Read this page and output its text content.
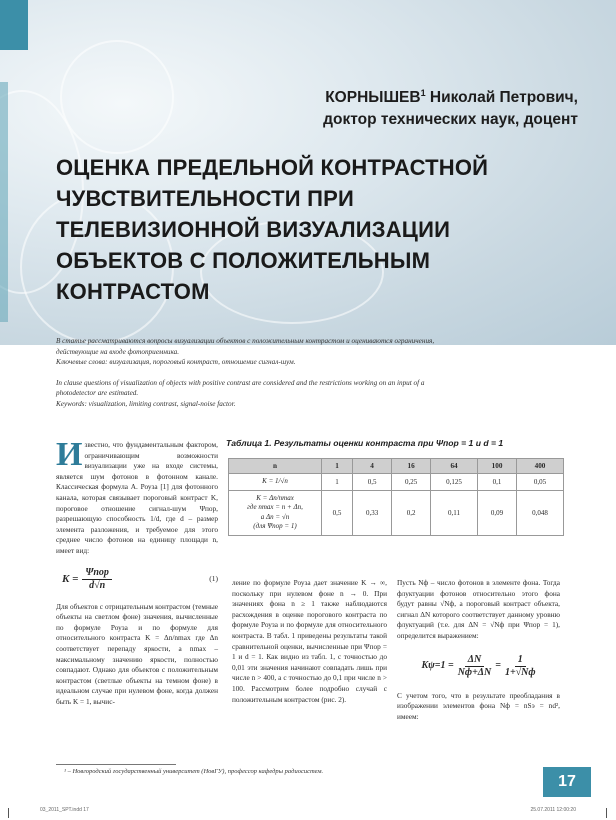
КОРНЫШЕВ$^1$ Николай Петрович,
доктор технических наук, доцент
ОЦЕНКА ПРЕДЕЛЬНОЙ КОНТРАСТНОЙ
ЧУВСТВИТЕЛЬНОСТИ ПРИ
ТЕЛЕВИЗИОННОЙ ВИЗУАЛИЗАЦИИ
ОБЪЕКТОВ С ПОЛОЖИТЕЛЬНЫМ
КОНТРАСТОМ
В статье рассматриваются вопросы визуализации объектов с положительным контрастом и оцениваются ограничения,
действующие на входе фотоприемника.
Ключевые слова: визуализация, пороговый контраст, отношение сигнал-шум.
In clause questions of visualization of objects with positive contrast are considered and the restrictions working on an input of a
photodetector are estimated.
Keywords: visualization, limiting contrast, signal-noise factor.
И звестно, что фундаментальным фактором, ограничивающим возможности визуализации уже на входе системы, является шум фотонов в фотонном канале. Классическая формула А. Роуза [1] для фотонного канала, которая связывает пороговый контраст K, пороговое отношение сигнал-шум Ψпор, разрешающую способность 1/d, где d – размер элемента разложения, и требуемое для этого среднее число фотонов на единицу площади n, имеет вид:

$K = \frac{\text{Ψпор}}{d√n}$	(1)

Для объектов с отрицательным контрастом (темные объекты на светлом фоне) значения, вычисленные по формуле Роуза и по формуле для относительного контраста K = Δn/nmax где Δn соответствует перепаду яркости, а nmax – максимальному значению яркости, полностью совпадают. Однако для объектов с положительным контрастом (светлые объекты на темном фоне) в идеальном случае при нулевом фоне, когда должен быть K = 1, вычис-

Таблица 1. Результаты оценки контраста при Ψпор = 1 и d = 1
n	1	4	16	64	100	400
K = 1/√n	1	0,5	0,25	0,125	0,1	0,05

K = Δn/nmax
где nmax = n + Δn,
a Δn = √n
(для Ψпор = 1)	0,5	0,33	0,2	0,11	0,09	0,048

ление по формуле Роуза дает значение K → ∞, поскольку при нулевом фоне n → 0. При значениях фона n ≥ 1 также наблюдаются расхождения в оценке порогового контраста по формуле Роуза и по формуле для относительного контраста. В табл. 1 приведены результаты такой сравнительной оценки, вычисленные при Ψпор = 1 и d = 1. Как видно из табл. 1, с точностью до 0,01 эти значения начинают совпадать лишь при числе n > 400, а с точностью до 0,1 при числе n > 100. Рассмотрим более подробно случай с положительным контрастом (рис. 2).

Пусть Nф – число фотонов в элементе фона. Тогда флуктуации фотонов относительно этого фона будут равны √Nф, а пороговый контраст объекта, сигнал ΔN которого соответствует данному уровню флуктуаций (т.е. для ΔN = √Nф при Ψпор = 1), определится выражением:

$K\psi=1 = \frac{\Delta N}{Nф+\Delta N} = \frac{1}{1+√Nф}$

С учетом того, что в результате преобладания в изображении элементов фона Nф = nSэ = nd², имеем:

¹ – Новгородский государственный университет (НовГУ), профессор кафедры радиосистем.
17
03_2011_SPT.indd 17	25.07.2011 12:00:20
